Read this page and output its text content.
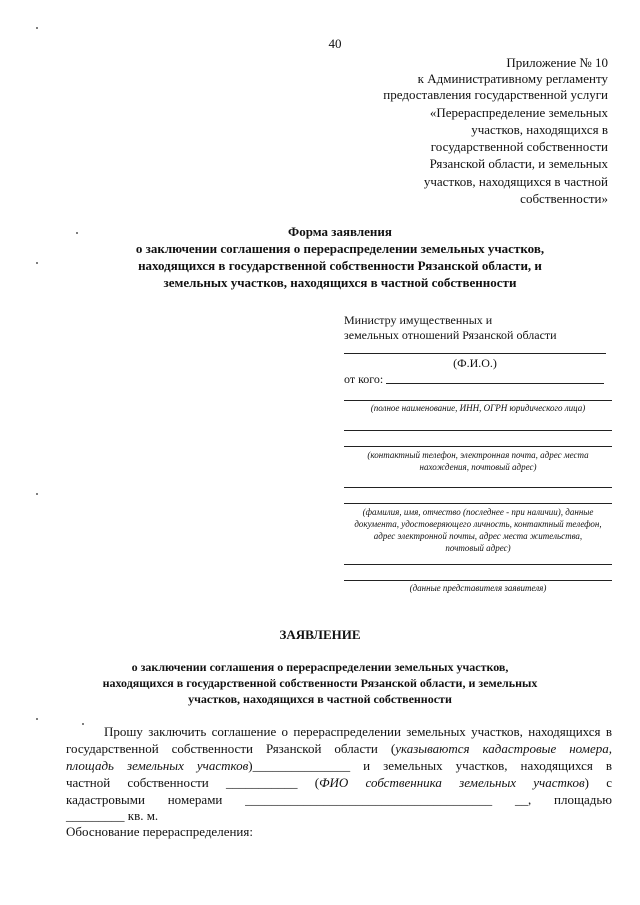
40
Приложение № 10
к Административному регламенту
предоставления государственной услуги
«Перераспределение земельных
участков, находящихся в
государственной собственности
Рязанской области, и земельных
участков, находящихся в частной
собственности»
Форма заявления
о заключении соглашения о перераспределении земельных участков,
находящихся в государственной собственности Рязанской области, и
земельных участков, находящихся в частной собственности
Министру имущественных и
земельных отношений Рязанской области
(Ф.И.О.)
от кого:
(полное наименование, ИНН, ОГРН юридического лица)
(контактный телефон, электронная почта, адрес места
нахождения, почтовый адрес)
(фамилия, имя, отчество (последнее - при наличии), данные
документа, удостоверяющего личность, контактный телефон,
адрес электронной почты, адрес места жительства,
почтовый адрес)
(данные представителя заявителя)
ЗАЯВЛЕНИЕ
о заключении соглашения о перераспределении земельных участков,
находящихся в государственной собственности Рязанской области, и земельных
участков, находящихся в частной собственности
Прошу заключить соглашение о перераспределении земельных участков, находящихся в
государственной собственности Рязанской области (указываются кадастровые номера,
площадь земельных участков)_______________ и земельных участков, находящихся в
частной собственности ___________ (ФИО собственника земельных участков) с
кадастровыми номерами ______________________________________ __, площадью
_________ кв. м.
Обоснование перераспределения:
